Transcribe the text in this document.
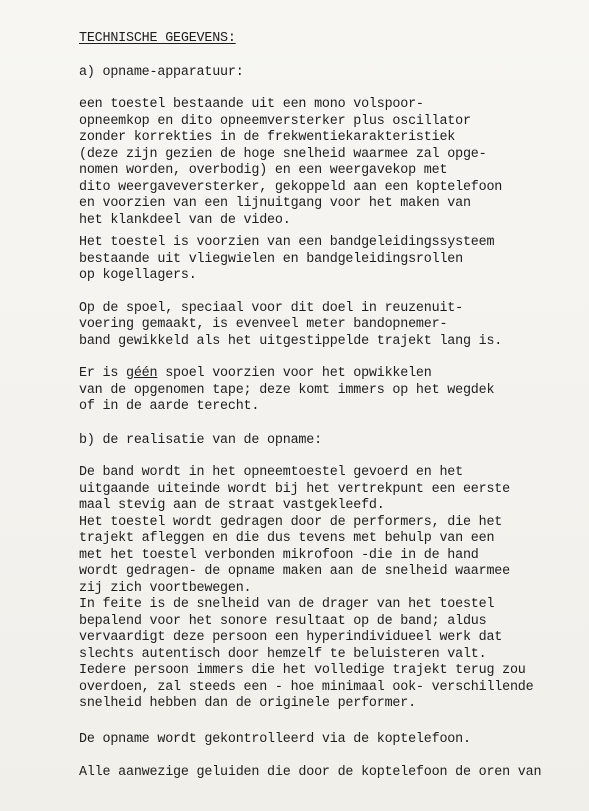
TECHNISCHE GEGEVENS:
a) opname-apparatuur:
een toestel bestaande uit een mono volspoor-
opneemkop en dito opneemversterker plus oscillator
zonder korrekties in de frekwentiekarakteristiek
(deze zijn gezien de hoge snelheid waarmee zal opge-
nomen worden, overbodig) en een weergavekop met
dito weergaveversterker, gekoppeld aan een koptelefoon
en voorzien van een lijnuitgang voor het maken van
het klankdeel van de video.
Het toestel is voorzien van een bandgeleidingssysteem
bestaande uit vliegwielen en bandgeleidingsrollen
op kogellagers.
Op de spoel, speciaal voor dit doel in reuzenuit-
voering gemaakt, is evenveel meter bandopnemer-
band gewikkeld als het uitgestippelde trajekt lang is.
Er is géén spoel voorzien voor het opwikkelen
van de opgenomen tape; deze komt immers op het wegdek
of in de aarde terecht.
b) de realisatie van de opname:
De band wordt in het opneemtoestel gevoerd en het
uitgaande uiteinde wordt bij het vertrekpunt een eerste
maal stevig aan de straat vastgekleefd.
Het toestel wordt gedragen door de performers, die het
trajekt afleggen en die dus tevens met behulp van een
met het toestel verbonden mikrofoon -die in de hand
wordt gedragen- de opname maken aan de snelheid waarmee
zij zich voortbewegen.
In feite is de snelheid van de drager van het toestel
bepalend voor het sonore resultaat op de band; aldus
vervaardigt deze persoon een hyperindividueel werk dat
slechts autentisch door hemzelf te beluisteren valt.
Iedere persoon immers die het volledige trajekt terug zou
overdoen, zal steeds een - hoe minimaal ook- verschillende
snelheid hebben dan de originele performer.
De opname wordt gekontrolleerd via de koptelefoon.
Alle aanwezige geluiden die door de koptelefoon de oren van
